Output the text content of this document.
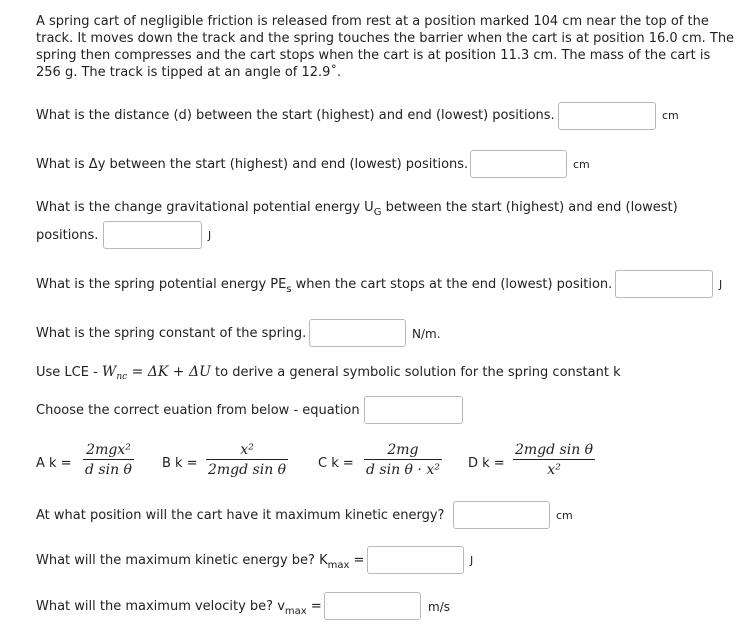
A spring cart of negligible friction is released from rest at a position marked 104 cm near the top of the track. It moves down the track and the spring touches the barrier when the cart is at position 16.0 cm. The spring then compresses and the cart stops when the cart is at position 11.3 cm. The mass of the cart is 256 g. The track is tipped at an angle of 12.9˚.
What is the distance (d) between the start (highest) and end (lowest) positions.	cm
What is Δy between the start (highest) and end (lowest) positions.	cm
What is the change gravitational potential energy $U_G$ between the start (highest) and end (lowest)
positions.	J
What is the spring potential energy $PE_s$ when the cart stops at the end (lowest) position.	J
What is the spring constant of the spring.	N/m.
Use LCE - $W_{nc} = \Delta K + \Delta U$ to derive a general symbolic solution for the spring constant k
Choose the correct euation from below - equation
A k =
2mgx²
d sin θ B k =
x²
2mgd sin θ C k =
2mg
d sin θ · x² D k =
2mgd sin θ
x²
At what position will the cart have it maximum kinetic energy?	cm
What will the maximum kinetic energy be? $K_{max}$ =	J
What will the maximum velocity be? $v_{max}$ =	m/s
